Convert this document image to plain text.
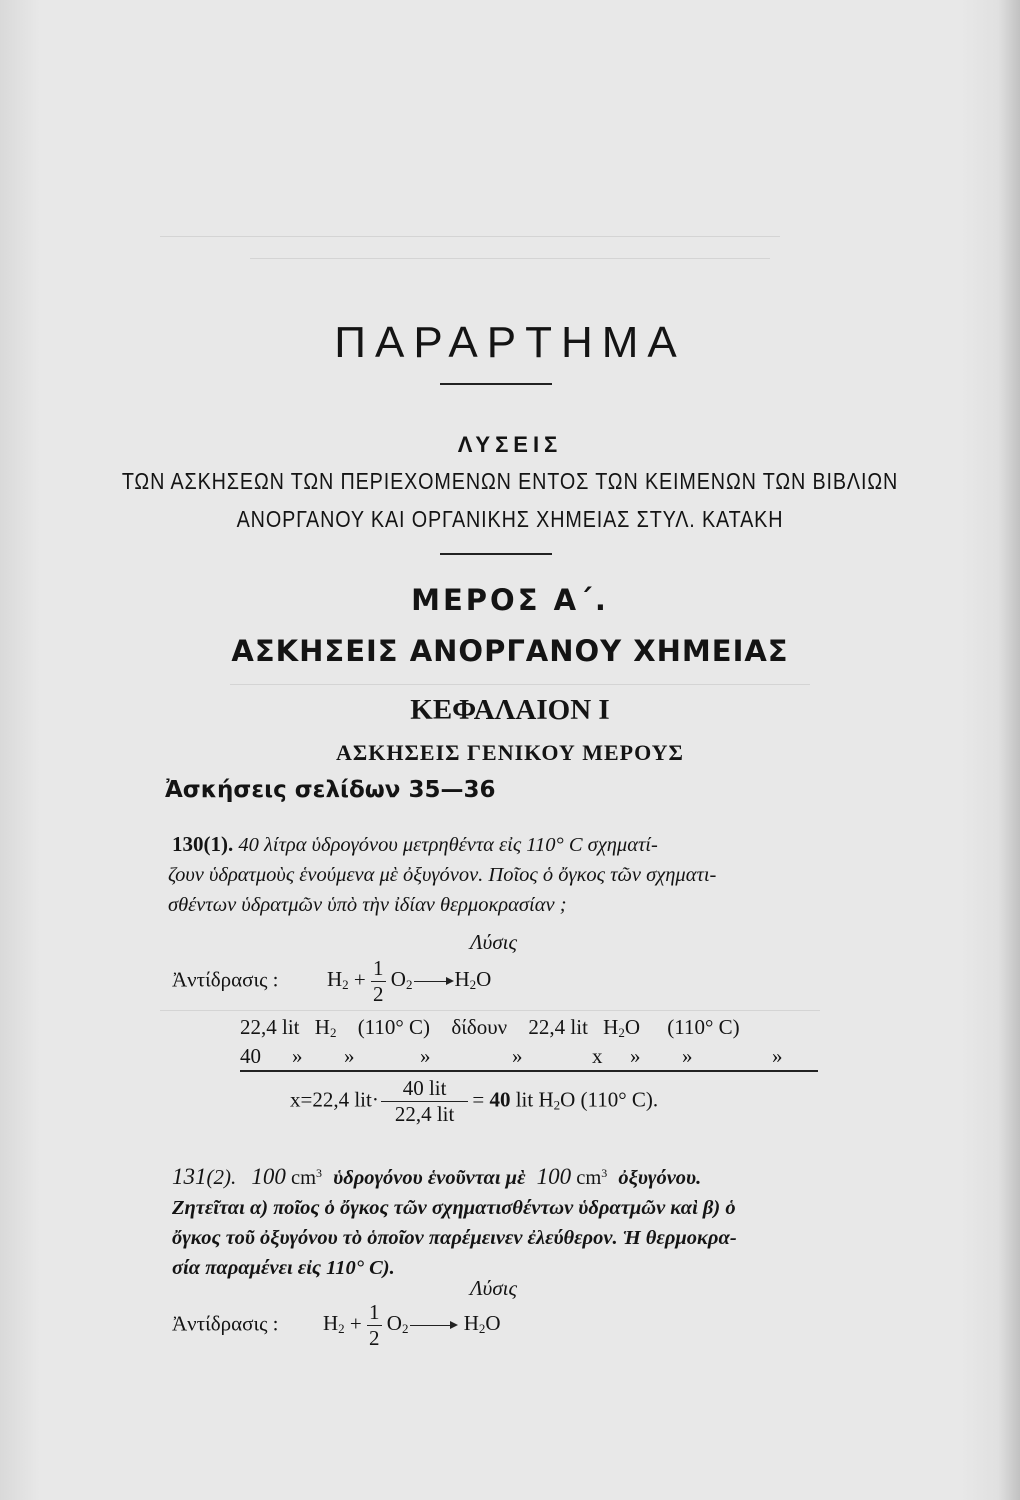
ΠΑΡΑΡΤΗΜΑ
ΛΥΣΕΙΣ

ΤΩΝ ΑΣΚΗΣΕΩΝ ΤΩΝ ΠΕΡΙΕΧΟΜΕΝΩΝ ΕΝΤΟΣ ΤΩΝ ΚΕΙΜΕΝΩΝ ΤΩΝ ΒΙΒΛΙΩΝ

ΑΝΟΡΓΑΝΟΥ ΚΑΙ ΟΡΓΑΝΙΚΗΣ ΧΗΜΕΙΑΣ ΣΤΥΛ. ΚΑΤΑΚΗ

ΜΕΡΟΣ Α΄.
ΑΣΚΗΣΕΙΣ ΑΝΟΡΓΑΝΟΥ ΧΗΜΕΙΑΣ
ΚΕΦΑΛΑΙΟΝ Ι
ΑΣΚΗΣΕΙΣ ΓΕΝΙΚΟΥ ΜΕΡΟΥΣ

Ἀσκήσεις σελίδων 35—36

130(1). 40 λίτρα ὑδρογόνου μετρηθέντα εἰς 110° C σχηματί-
ζουν ὑδρατμοὺς ἑνούμενα μὲ ὀξυγόνον. Ποῖος ὁ ὄγκος τῶν σχηματι-
σθέντων ὑδρατμῶν ὑπὸ τὴν ἰδίαν θερμοκρασίαν ;
Λύσις
Ἀντίδρασις : $H_2 + \frac{1}{2} O_2 \to H_2O$
22,4 lit $H_2$ (110° C) δίδουν 22,4 lit $H_2O$ (110° C)
40 » »	»	»	x » »	»
x=22,4 $lit\cdot \frac{\text{40 lit}}{\text{22,4 lit}} = 40$ lit $H_2O$ (110° C).
131(2). 100 $cm^3$ ὑδρογόνου ἑνοῦνται μὲ 100 $cm^3$ ὀξυγόνου.
Ζητεῖται α) ποῖος ὁ ὄγκος τῶν σχηματισθέντων ὑδρατμῶν καὶ β) ὁ
ὄγκος τοῦ ὀξυγόνου τὸ ὁποῖον παρέμεινεν ἐλεύθερον. Ἡ θερμοκρα-
σία παραμένει εἰς 110° C).
Λύσις
Ἀντίδρασις : $H_2 + \frac{1}{2} O_2 \to H_2O$
